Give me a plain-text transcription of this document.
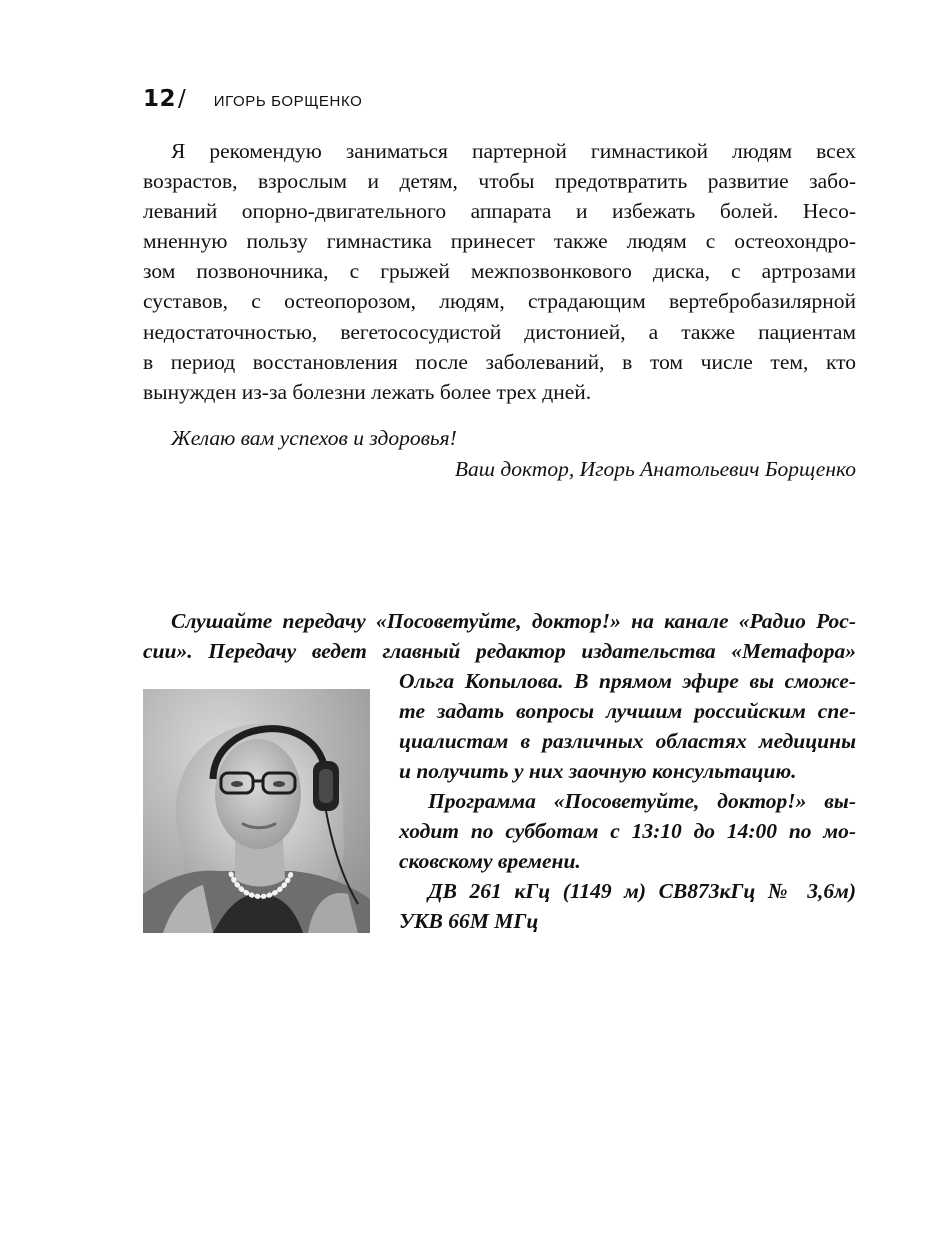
12 / ИГОРЬ БОРЩЕНКО
Я рекомендую заниматься партерной гимнастикой людям всех
возрастов, взрослым и детям, чтобы предотвратить развитие забо-
леваний опорно-двигательного аппарата и избежать болей. Несо-
мненную пользу гимнастика принесет также людям с остеохондро-
зом позвоночника, с грыжей межпозвонкового диска, с артрозами
суставов, с остеопорозом, людям, страдающим вертебробазилярной
недостаточностью, вегетососудистой дистонией, а также пациентам
в период восстановления после заболеваний, в том числе тем, кто
вынужден из-за болезни лежать более трех дней.
Желаю вам успехов и здоровья!
Ваш доктор, Игорь Анатольевич Борщенко
Слушайте передачу «Посоветуйте, доктор!» на канале «Радио Рос-
сии». Передачу ведет главный редактор издательства «Метафора»
Ольга Копылова. В прямом эфире вы сможе-
те задать вопросы лучшим российским спе-
циалистам в различных областях медицины
и получить у них заочную консультацию.
Программа «Посоветуйте, доктор!» вы-
ходит по субботам с 13:10 до 14:00 по мо-
сковскому времени.
ДВ 261 кГц (1149 м) СВ873кГц № 3,6м)
УКВ 66М МГц
